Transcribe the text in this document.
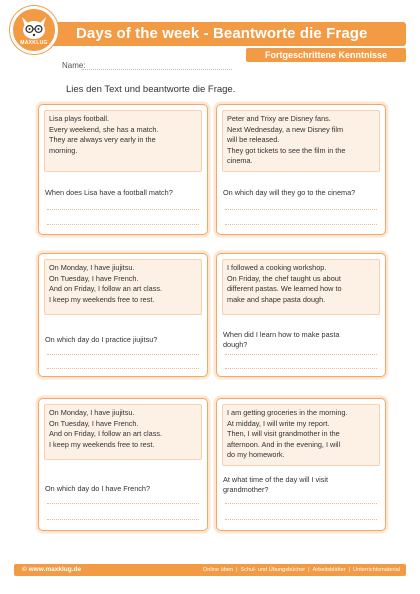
Days of the week - Beantworte die Frage
Fortgeschrittene Kenntnisse
MAXKLUG
Name:
Lies den Text und beantworte die Frage.
Lisa plays football.
Every weekend, she has a match.
They are always very early in the
morning.
When does Lisa have a football match?
Peter and Trixy are Disney fans.
Next Wednesday, a new Disney film
will be released.
They got tickets to see the film in the
cinema.
On which day will they go to the cinema?
On Monday, I have jiujitsu.
On Tuesday, I have French.
And on Friday, I follow an art class.
I keep my weekends free to rest.
On which day do I practice jiujitsu?
I followed a cooking workshop.
On Friday, the chef taught us about
different pastas. We learned how to
make and shape pasta dough.
When did I learn how to make pasta
dough?
On Monday, I have jiujitsu.
On Tuesday, I have French.
And on Friday, I follow an art class.
I keep my weekends free to rest.
On which day do I have French?
I am getting groceries in the morning.
At midday, I will write my report.
Then, I will visit grandmother in the
afternoon. And in the evening, I will
do my homework.
At what time of the day will I visit
grandmother?
© www.maxklug.de	Online üben | Schul- und Übungsbücher | Arbeitsblätter | Unterrichtsmaterial
